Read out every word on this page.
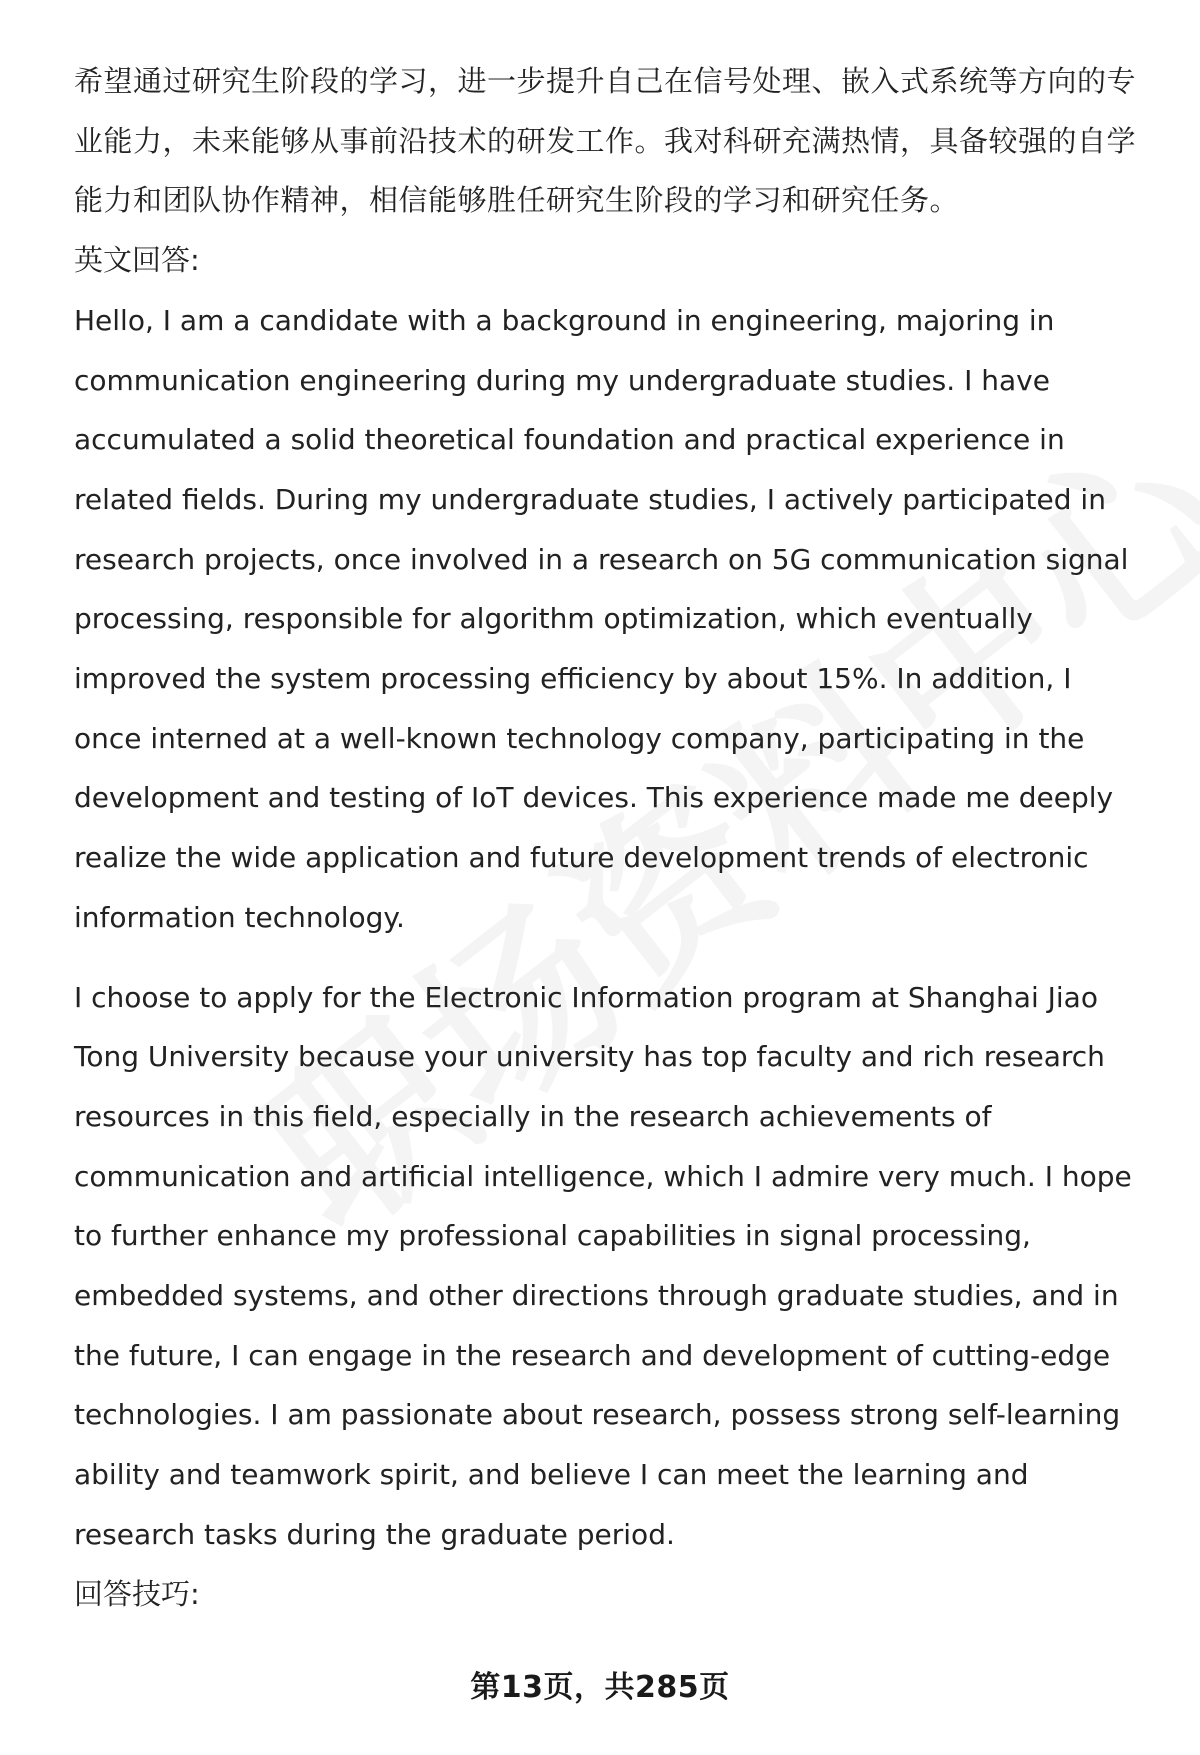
希望通过研究生阶段的学习，进一步提升自己在信号处理、嵌入式系统等方向的专业能力，未来能够从事前沿技术的研发工作。我对科研充满热情，具备较强的自学能力和团队协作精神，相信能够胜任研究生阶段的学习和研究任务。

英文回答:

Hello, I am a candidate with a background in engineering, majoring in communication engineering during my undergraduate studies. I have accumulated a solid theoretical foundation and practical experience in related fields. During my undergraduate studies, I actively participated in research projects, once involved in a research on 5G communication signal processing, responsible for algorithm optimization, which eventually improved the system processing efficiency by about 15%. In addition, I once interned at a well-known technology company, participating in the development and testing of IoT devices. This experience made me deeply realize the wide application and future development trends of electronic information technology.

I choose to apply for the Electronic Information program at Shanghai Jiao Tong University because your university has top faculty and rich research resources in this field, especially in the research achievements of communication and artificial intelligence, which I admire very much. I hope to further enhance my professional capabilities in signal processing, embedded systems, and other directions through graduate studies, and in the future, I can engage in the research and development of cutting-edge technologies. I am passionate about research, possess strong self-learning ability and teamwork spirit, and believe I can meet the learning and research tasks during the graduate period.

回答技巧:

第13页，共285页
